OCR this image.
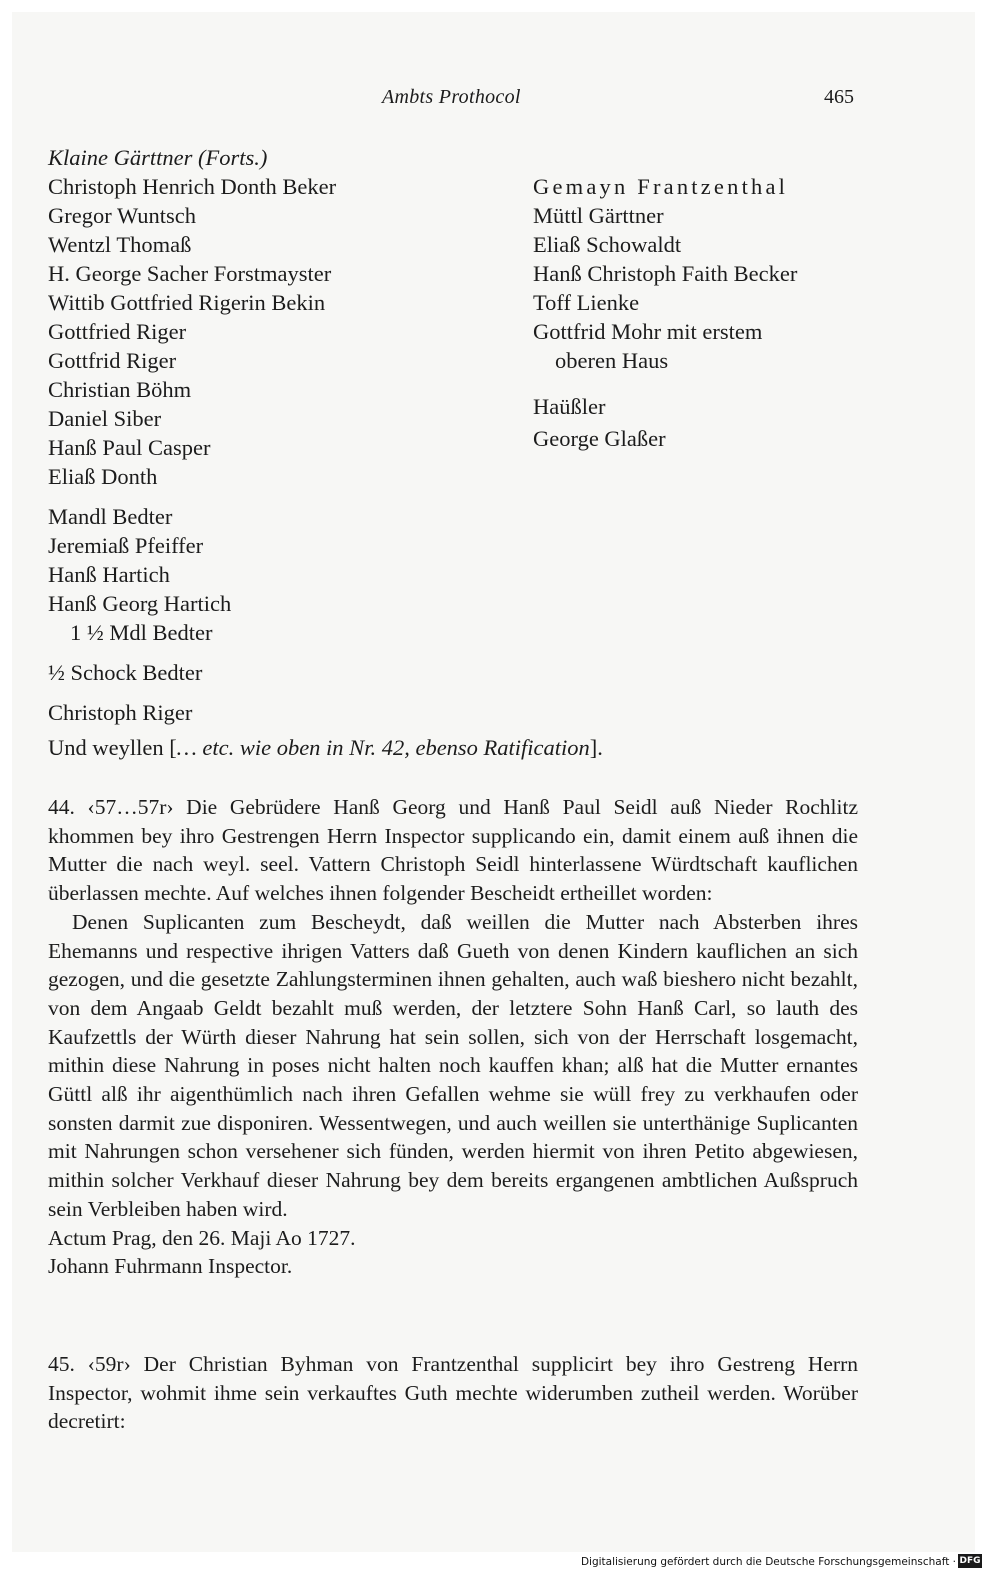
Ambts Prothocol	465
Klaine Gärttner (Forts.)
Christoph Henrich Donth Beker
Gregor Wuntsch
Wentzl Thomaß
H. George Sacher Forstmayster
Wittib Gottfried Rigerin Bekin
Gottfried Riger
Gottfrid Riger
Christian Böhm
Daniel Siber
Hanß Paul Casper
Eliaß Donth
Mandl Bedter
Jeremiaß Pfeiffer
Hanß Hartich
Hanß Georg Hartich
1 ½ Mdl Bedter
½ Schock Bedter
Christoph Riger
Gemayn Frantzenthal
Müttl Gärttner
Eliaß Schowaldt
Hanß Christoph Faith Becker
Toff Lienke
Gottfrid Mohr mit erstem
oberen Haus
Haüßler
George Glaßer
Und weyllen [… etc. wie oben in Nr. 42, ebenso Ratification].

44. ‹57…57r› Die Gebrüdere Hanß Georg und Hanß Paul Seidl auß Nieder Rochlitz khommen bey ihro Gestrengen Herrn Inspector supplicando ein, damit einem auß ihnen die Mutter die nach weyl. seel. Vattern Christoph Seidl hinterlassene Würdtschaft kauflichen überlassen mechte. Auf welches ihnen folgender Bescheidt ertheillet worden:

Denen Suplicanten zum Bescheydt, daß weillen die Mutter nach Absterben ihres Ehemanns und respective ihrigen Vatters daß Gueth von denen Kindern kauflichen an sich gezogen, und die gesetzte Zahlungsterminen ihnen gehalten, auch waß bieshero nicht bezahlt, von dem Angaab Geldt bezahlt muß werden, der letztere Sohn Hanß Carl, so lauth des Kaufzettls der Würth dieser Nahrung hat sein sollen, sich von der Herrschaft losgemacht, mithin diese Nahrung in poses nicht halten noch kauffen khan; alß hat die Mutter ernantes Güttl alß ihr aigenthümlich nach ihren Gefallen wehme sie wüll frey zu verkhaufen oder sonsten darmit zue disponiren. Wessentwegen, und auch weillen sie unterthänige Suplicanten mit Nahrungen schon versehener sich fünden, werden hiermit von ihren Petito abgewiesen, mithin solcher Verkhauf dieser Nahrung bey dem bereits ergangenen ambtlichen Außspruch sein Verbleiben haben wird.

Actum Prag, den 26. Maji Ao 1727.

Johann Fuhrmann Inspector.

45. ‹59r› Der Christian Byhman von Frantzenthal supplicirt bey ihro Gestreng Herrn Inspector, wohmit ihme sein verkauftes Guth mechte widerumben zutheil werden. Worüber decretirt:

Digitalisierung gefördert durch die Deutsche Forschungsgemeinschaft · DFG
